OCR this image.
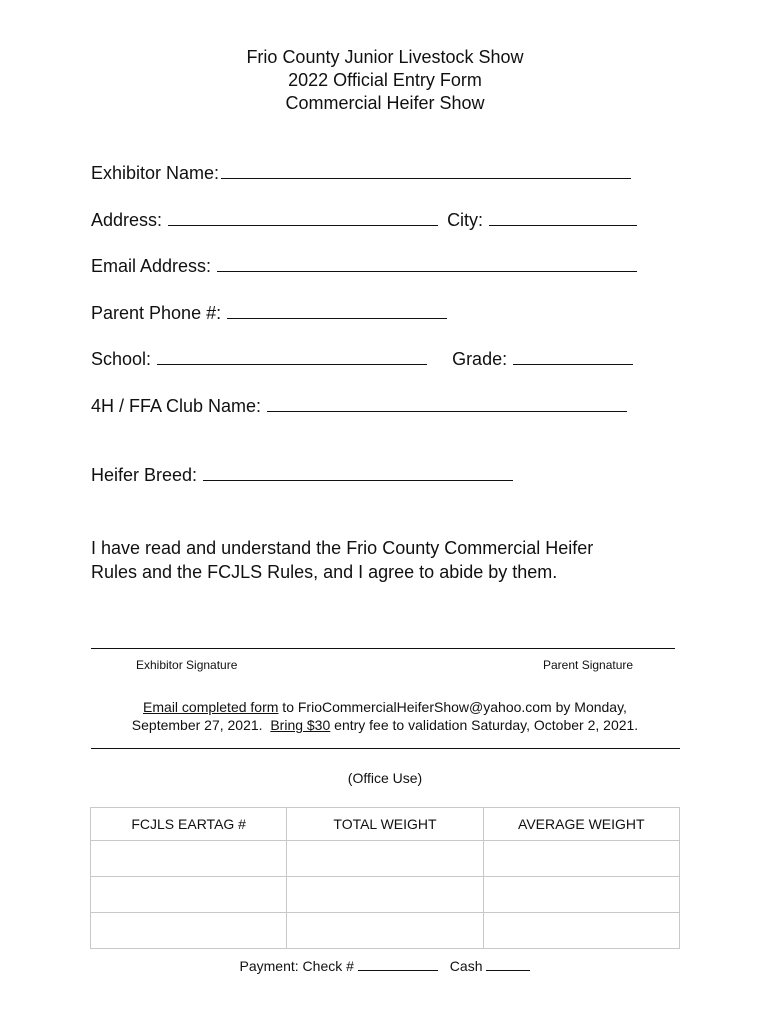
Frio County Junior Livestock Show
2022 Official Entry Form
Commercial Heifer Show
Exhibitor Name:
Address:	City:
Email Address:
Parent Phone #:
School:	Grade:
4H / FFA Club Name:
Heifer Breed:
I have read and understand the Frio County Commercial Heifer
Rules and the FCJLS Rules, and I agree to abide by them.
Exhibitor Signature	Parent Signature
Email completed form to FrioCommercialHeiferShow@yahoo.com by Monday,
September 27, 2021.  Bring $30 entry fee to validation Saturday, October 2, 2021.
(Office Use)
FCJLS EARTAG #	TOTAL WEIGHT	AVERAGE WEIGHT

Payment: Check #	Cash
